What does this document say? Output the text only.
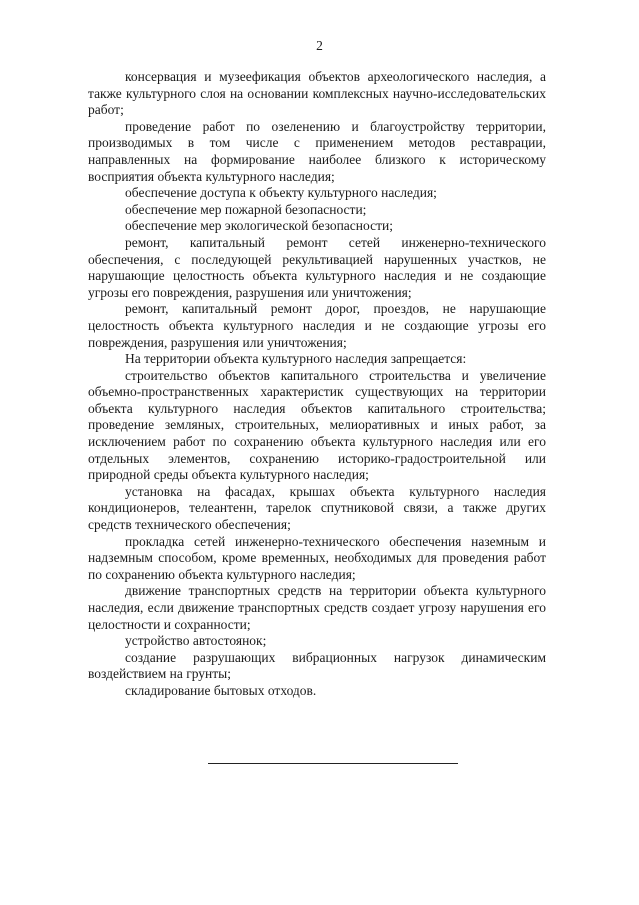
2

консервация и музеефикация объектов археологического наследия, а также культурного слоя на основании комплексных научно-исследовательских работ;

проведение работ по озеленению и благоустройству территории, производимых в том числе с применением методов реставрации, направленных на формирование наиболее близкого к историческому восприятия объекта культурного наследия;

обеспечение доступа к объекту культурного наследия;

обеспечение мер пожарной безопасности;

обеспечение мер экологической безопасности;

ремонт, капитальный ремонт сетей инженерно-технического обеспечения, с последующей рекультивацией нарушенных участков, не нарушающие целостность объекта культурного наследия и не создающие угрозы его повреждения, разрушения или уничтожения;

ремонт, капитальный ремонт дорог, проездов, не нарушающие целостность объекта культурного наследия и не создающие угрозы его повреждения, разрушения или уничтожения;

На территории объекта культурного наследия запрещается:

строительство объектов капитального строительства и увеличение объемно-пространственных характеристик существующих на территории объекта культурного наследия объектов капитального строительства; проведение земляных, строительных, мелиоративных и иных работ, за исключением работ по сохранению объекта культурного наследия или его отдельных элементов, сохранению историко-градостроительной или природной среды объекта культурного наследия;

установка на фасадах, крышах объекта культурного наследия кондиционеров, телеантенн, тарелок спутниковой связи, а также других средств технического обеспечения;

прокладка сетей инженерно-технического обеспечения наземным и надземным способом, кроме временных, необходимых для проведения работ по сохранению объекта культурного наследия;

движение транспортных средств на территории объекта культурного наследия, если движение транспортных средств создает угрозу нарушения его целостности и сохранности;

устройство автостоянок;

создание разрушающих вибрационных нагрузок динамическим воздействием на грунты;

складирование бытовых отходов.
